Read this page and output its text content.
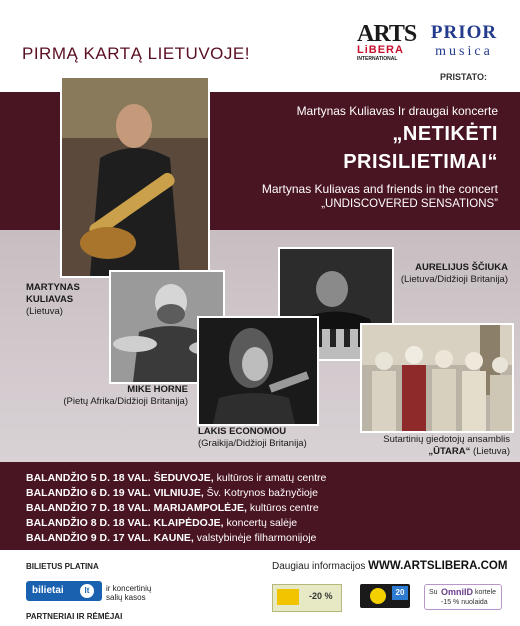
PIRMĄ KARTĄ LIETUVOJE!
ARTS
LiBERA
INTERNATIONAL
PRIOR
musica
PRISTATO:
Martynas Kuliavas Ir draugai koncerte
„NETIKĖTI
PRISILIETIMAI“
Martynas Kuliavas and friends in the concert
„UNDISCOVERED SENSATIONS”
MARTYNAS
KULIAVAS
(Lietuva)
AURELIJUS ŠČIUKA
(Lietuva/Didžioji Britanija)
MIKE HORNE
(Pietų Afrika/Didžioji Britanija)
LAKIS ECONOMOU
(Graikija/Didžioji Britanija)	Sutartinių giedotojų ansamblis
„ŪTARA“ (Lietuva)
BALANDŽIO 5 D. 18 VAL. ŠEDUVOJE, kultūros ir amatų centre
BALANDŽIO 6 D. 19 VAL. VILNIUJE, Šv. Kotrynos bažnyčioje
BALANDŽIO 7 D. 18 VAL. MARIJAMPOLĖJE, kultūros centre
BALANDŽIO 8 D. 18 VAL. KLAIPĖDOJE, koncertų salėje
BALANDŽIO 9 D. 17 VAL. KAUNE, valstybinėje filharmonijoje
BILIETUS PLATINA	Daugiau informacijos WWW.ARTSLIBERA.COM
bilietai	lt	ir koncertinių
salių kasos
PARTNERIAI IR RĖMĖJAI
-20 %	20	Su OmniID kortele
-15 % nuolaida
